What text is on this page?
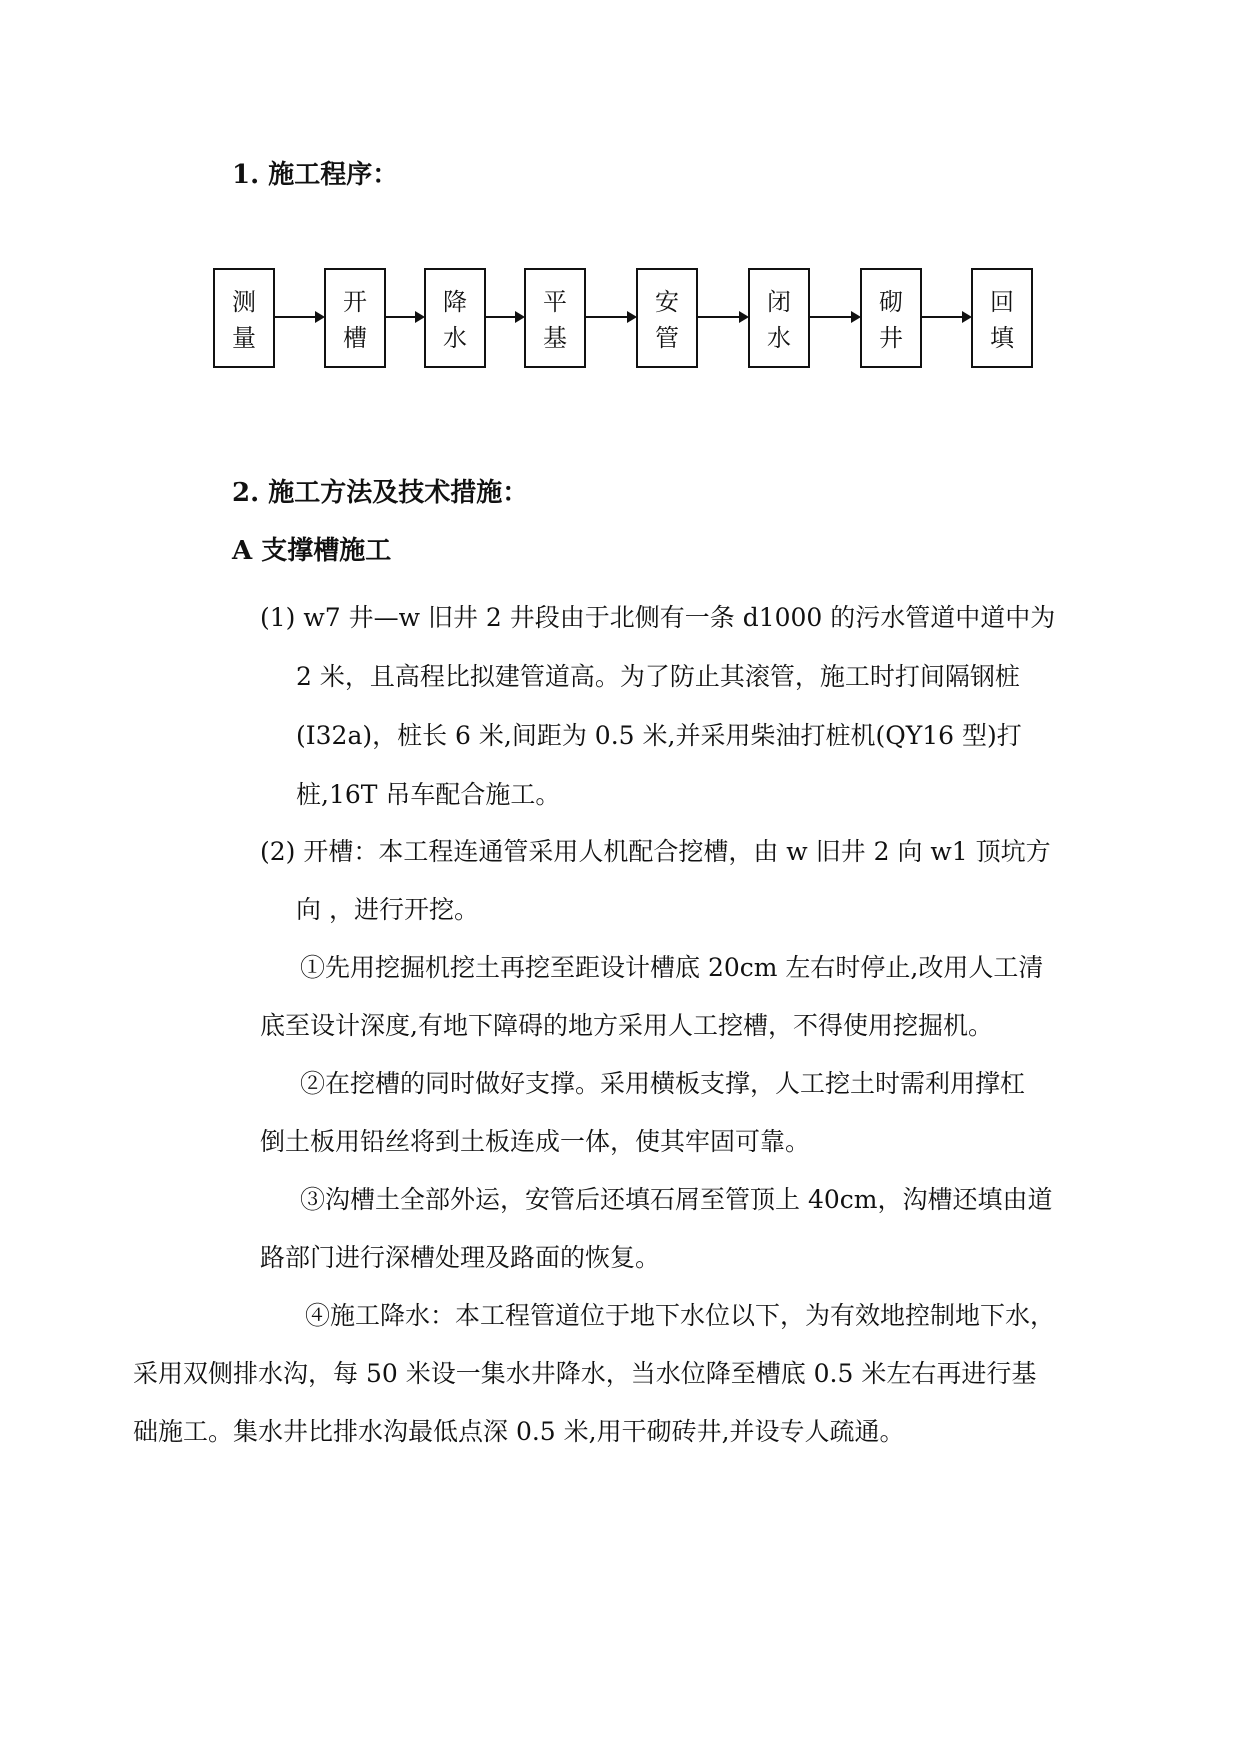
1. 施工程序：
测
量
开
槽
降
水
平
基
安
管
闭
水
砌
井
回
填
2. 施工方法及技术措施：
A 支撑槽施工
(1) w7 井—w 旧井 2 井段由于北侧有一条 d1000 的污水管道中道中为
2 米，且高程比拟建管道高。为了防止其滚管，施工时打间隔钢桩
(I32a)，桩长 6 米,间距为 0.5 米,并采用柴油打桩机(QY16 型)打
桩,16T 吊车配合施工。
(2) 开槽：本工程连通管采用人机配合挖槽，由 w 旧井 2 向 w1 顶坑方
向 ，进行开挖。
①先用挖掘机挖土再挖至距设计槽底 20cm 左右时停止,改用人工清
底至设计深度,有地下障碍的地方采用人工挖槽，不得使用挖掘机。
②在挖槽的同时做好支撑。采用横板支撑，人工挖土时需利用撑杠
倒土板用铅丝将到土板连成一体，使其牢固可靠。
③沟槽土全部外运，安管后还填石屑至管顶上 40cm，沟槽还填由道
路部门进行深槽处理及路面的恢复。
④施工降水：本工程管道位于地下水位以下，为有效地控制地下水，
采用双侧排水沟，每 50 米设一集水井降水，当水位降至槽底 0.5 米左右再进行基
础施工。集水井比排水沟最低点深 0.5 米,用干砌砖井,并设专人疏通。
